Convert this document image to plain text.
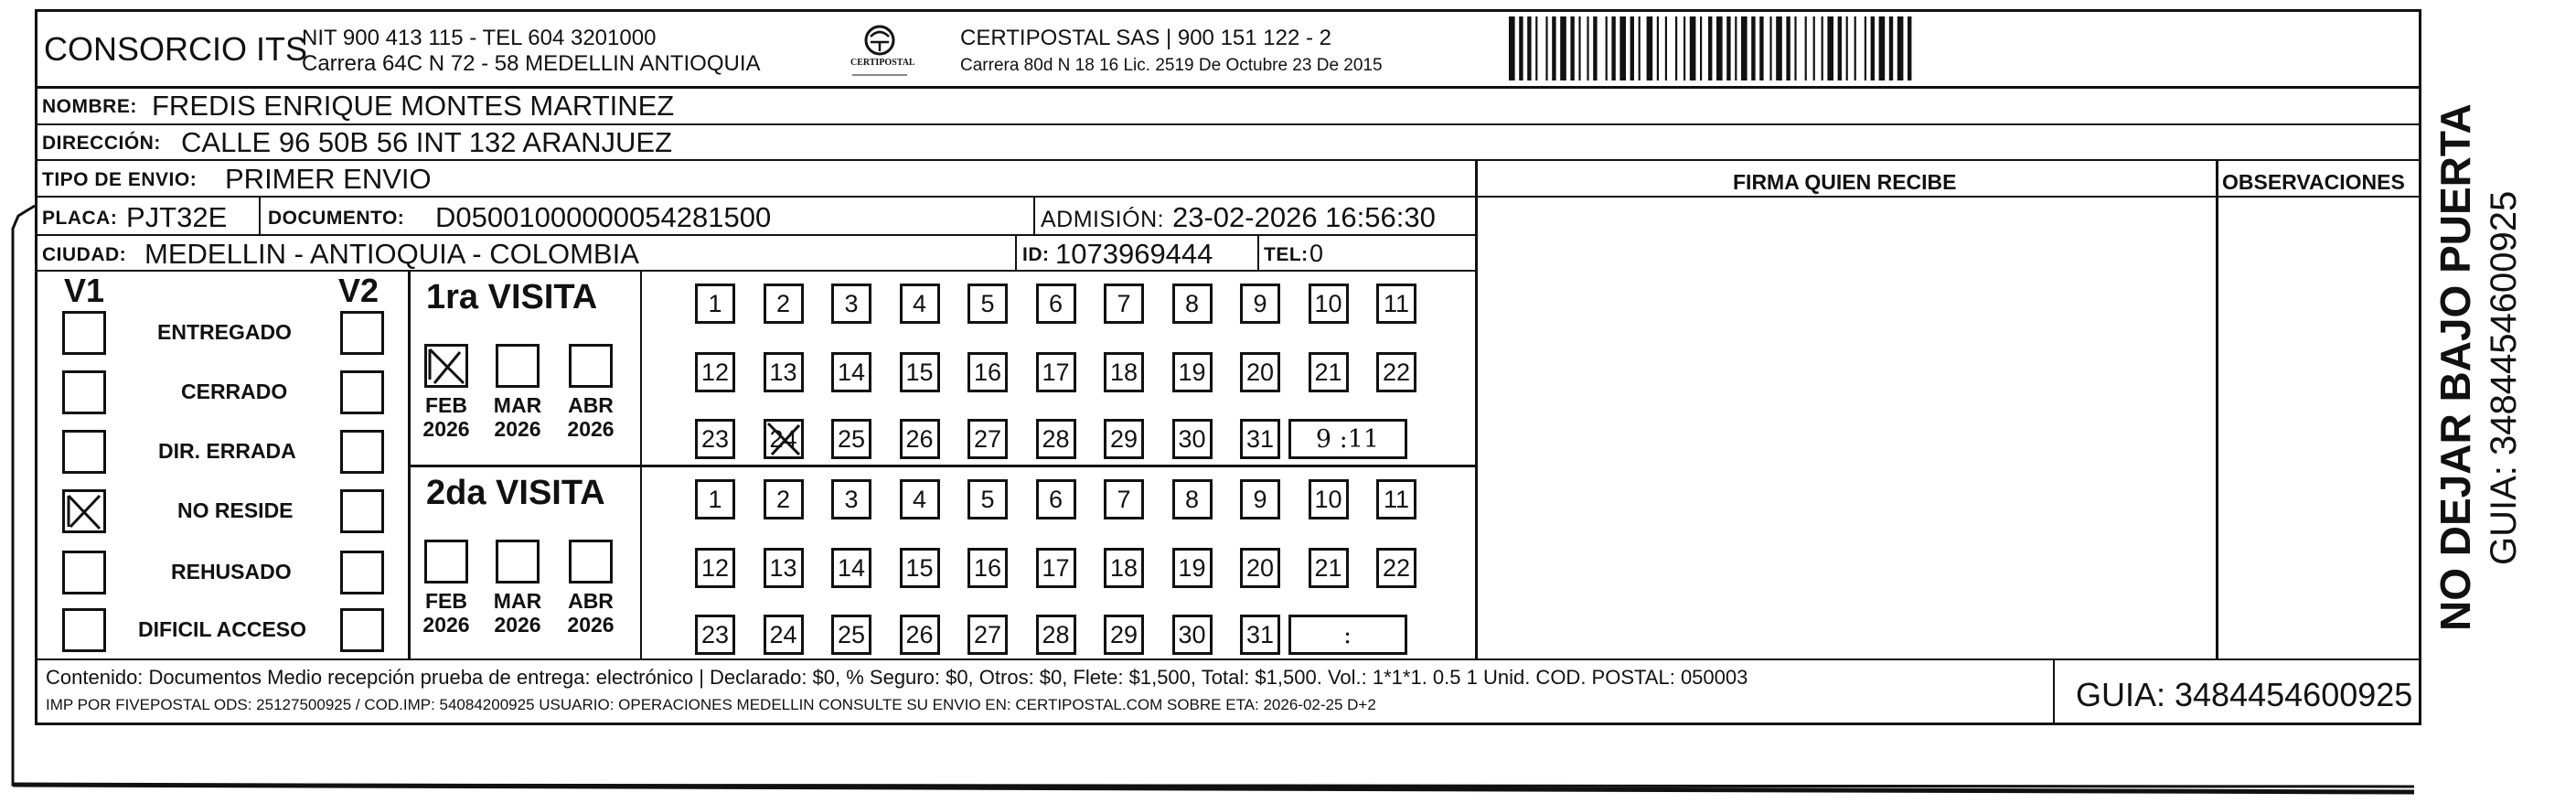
CONSORCIO ITS
NIT 900 413 115 - TEL 604 3201000
Carrera 64C N 72 - 58 MEDELLIN ANTIOQUIA	CERTIPOSTAL
CERTIPOSTAL SAS | 900 151 122 - 2
Carrera 80d N 18 16 Lic. 2519 De Octubre 23 De 2015
NOMBRE: FREDIS ENRIQUE MONTES MARTINEZ
DIRECCIÓN: CALLE 96 50B 56 INT 132 ARANJUEZ
TIPO DE ENVIO: PRIMER ENVIO	FIRMA QUIEN RECIBE	OBSERVACIONES
PLACA: PJT32E DOCUMENTO: D05001000000054281500	ADMISIÓN: 23-02-2026 16:56:30
CIUDAD: MEDELLIN - ANTIOQUIA - COLOMBIA	ID: 1073969444	TEL: 0
V1	V2
ENTREGADO
CERRADO
DIR. ERRADA
NO RESIDE
REHUSADO
DIFICIL ACCESO
1ra VISITA
2da VISITA
FEB
2026
MAR
2026
ABR
2026
FEB
2026
MAR
2026
ABR
2026
1 2 3 4 5 6 7 8 9 10 11
12 13 14 15 16 17 18 19 20 21 22
23 24 25 26 27 28 29 30 31	9 :11
1 2 3 4 5 6 7 8 9 10 11
12 13 14 15 16 17 18 19 20 21 22
23 24 25 26 27 28 29 30 31	:
Contenido: Documentos Medio recepción prueba de entrega: electrónico | Declarado: $0, % Seguro: $0, Otros: $0, Flete: $1,500, Total: $1,500. Vol.: 1*1*1. 0.5 1 Unid. COD. POSTAL: 050003
IMP POR FIVEPOSTAL ODS: 25127500925 / COD.IMP: 54084200925 USUARIO: OPERACIONES MEDELLIN CONSULTE SU ENVIO EN: CERTIPOSTAL.COM SOBRE ETA: 2026-02-25 D+2	GUIA: 3484454600925
NO DEJAR BAJO PUERTA GUIA: 3484454600925
